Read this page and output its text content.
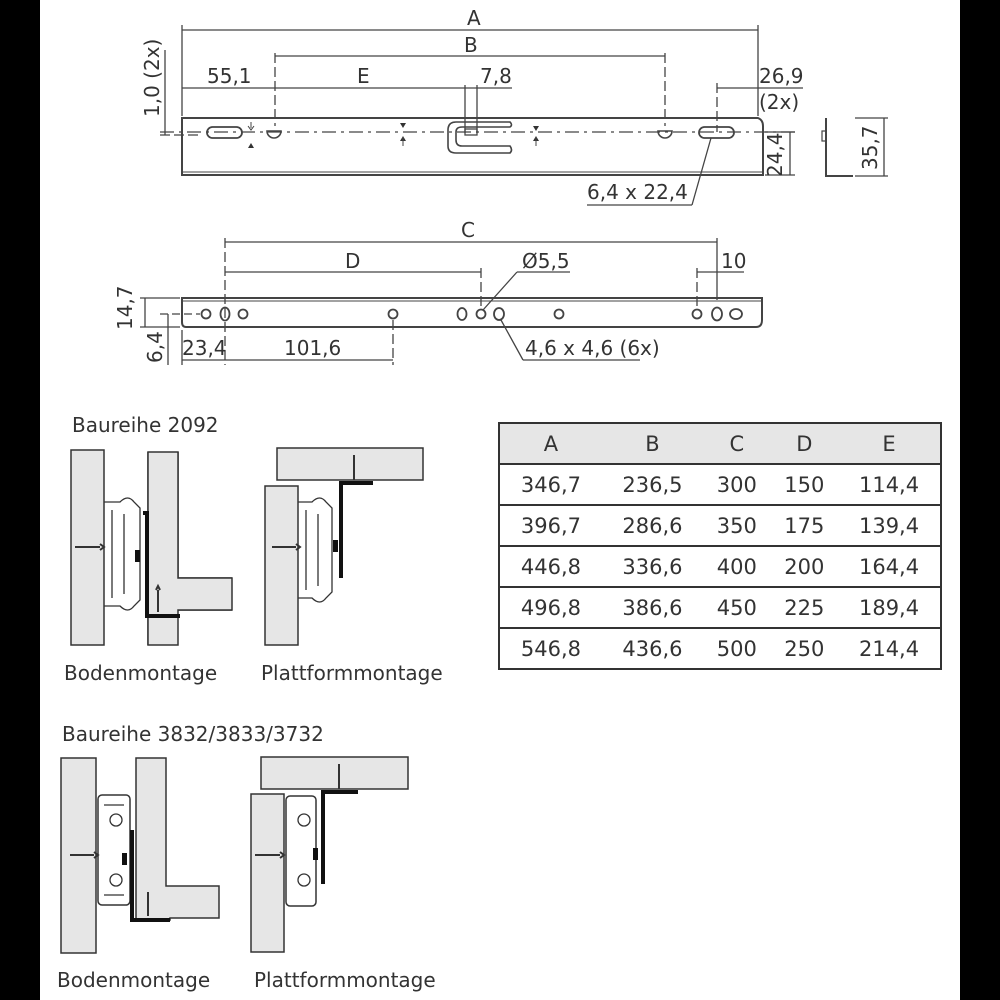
A
B
55,1	E	7,8	26,9
(2x)
1,0 (2x)
24,4	35,7
6,4 x 22,4
C
D	Ø5,5	10
14,7
6,4 23,4	101,6	4,6 x 4,6 (6x)
A	B	C	D	E
346,7	236,5	300	150	114,4
396,7	286,6	350	175	139,4
446,8	336,6	400	200	164,4
496,8	386,6	450	225	189,4
546,8	436,6	500	250	214,4
Baureihe 2092
Bodenmontage Plattformmontage
Baureihe 3832/3833/3732
Bodenmontage Plattformmontage
